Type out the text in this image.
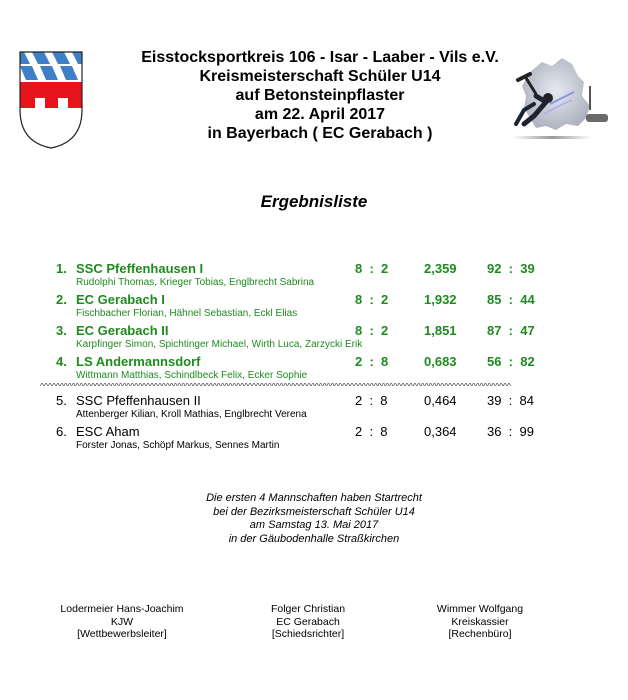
Eisstocksportkreis 106 - Isar - Laaber - Vils e.V.
Kreismeisterschaft Schüler U14
auf Betonsteinpflaster
am 22. April 2017
in Bayerbach ( EC Gerabach )
Ergebnisliste
1. SSC Pfeffenhausen I
Rudolphi Thomas, Krieger Tobias, Englbrecht Sabrina
8  :  2	2,359 92  :  39
2. EC Gerabach I
Fischbacher Florian, Hähnel Sebastian, Eckl Elias
8  :  2	1,932 85  :  44
3. EC Gerabach II
Karpfinger Simon, Spichtinger Michael, Wirth Luca, Zarzycki Erik
8  :  2	1,851 87  :  47
4. LS Andermannsdorf
Wittmann Matthias, Schindlbeck Felix, Ecker Sophie
2  :  8	0,683 56  :  82
^^^^^^^^^^^^^^^^^^^^^^^^^^^^^^^^^^^^^^^^^^^^^^^^^^^^^^^^^^^^^^^^^^^^^^^^^^^^^^^^^^^^^^^^^^^^^^^^^^^^^^^^^^^^^^^^^^^^^^^^
5. SSC Pfeffenhausen II
Attenberger Kilian, Kroll Mathias, Englbrecht Verena
2  :  8	0,464 39  :  84
6. ESC Aham
Forster Jonas, Schöpf Markus, Sennes Martin
2  :  8	0,364 36  :  99
Die ersten 4 Mannschaften haben Startrecht
bei der Bezirksmeisterschaft Schüler U14
am Samstag 13. Mai 2017
in der Gäubodenhalle Straßkirchen
Lodermeier Hans-Joachim
KJW
[Wettbewerbsleiter]
Folger Christian
EC Gerabach
[Schiedsrichter]
Wimmer Wolfgang
Kreiskassier
[Rechenbüro]
